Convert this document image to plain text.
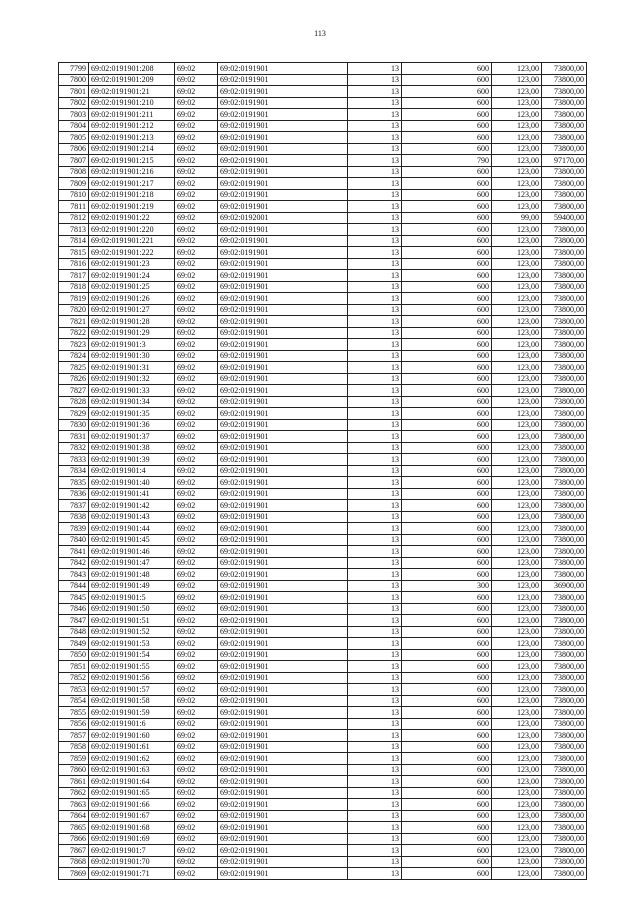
113
7799	69:02:0191901:208	69:02	69:02:0191901	13	600	123,00	73800,00
7800	69:02:0191901:209	69:02	69:02:0191901	13	600	123,00	73800,00
7801	69:02:0191901:21	69:02	69:02:0191901	13	600	123,00	73800,00
7802	69:02:0191901:210	69:02	69:02:0191901	13	600	123,00	73800,00
7803	69:02:0191901:211	69:02	69:02:0191901	13	600	123,00	73800,00
7804	69:02:0191901:212	69:02	69:02:0191901	13	600	123,00	73800,00
7805	69:02:0191901:213	69:02	69:02:0191901	13	600	123,00	73800,00
7806	69:02:0191901:214	69:02	69:02:0191901	13	600	123,00	73800,00
7807	69:02:0191901:215	69:02	69:02:0191901	13	790	123,00	97170,00
7808	69:02:0191901:216	69:02	69:02:0191901	13	600	123,00	73800,00
7809	69:02:0191901:217	69:02	69:02:0191901	13	600	123,00	73800,00
7810	69:02:0191901:218	69:02	69:02:0191901	13	600	123,00	73800,00
7811	69:02:0191901:219	69:02	69:02:0191901	13	600	123,00	73800,00
7812	69:02:0191901:22	69:02	69:02:0192001	13	600	99,00	59400,00
7813	69:02:0191901:220	69:02	69:02:0191901	13	600	123,00	73800,00
7814	69:02:0191901:221	69:02	69:02:0191901	13	600	123,00	73800,00
7815	69:02:0191901:222	69:02	69:02:0191901	13	600	123,00	73800,00
7816	69:02:0191901:23	69:02	69:02:0191901	13	600	123,00	73800,00
7817	69:02:0191901:24	69:02	69:02:0191901	13	600	123,00	73800,00
7818	69:02:0191901:25	69:02	69:02:0191901	13	600	123,00	73800,00
7819	69:02:0191901:26	69:02	69:02:0191901	13	600	123,00	73800,00
7820	69:02:0191901:27	69:02	69:02:0191901	13	600	123,00	73800,00
7821	69:02:0191901:28	69:02	69:02:0191901	13	600	123,00	73800,00
7822	69:02:0191901:29	69:02	69:02:0191901	13	600	123,00	73800,00
7823	69:02:0191901:3	69:02	69:02:0191901	13	600	123,00	73800,00
7824	69:02:0191901:30	69:02	69:02:0191901	13	600	123,00	73800,00
7825	69:02:0191901:31	69:02	69:02:0191901	13	600	123,00	73800,00
7826	69:02:0191901:32	69:02	69:02:0191901	13	600	123,00	73800,00
7827	69:02:0191901:33	69:02	69:02:0191901	13	600	123,00	73800,00
7828	69:02:0191901:34	69:02	69:02:0191901	13	600	123,00	73800,00
7829	69:02:0191901:35	69:02	69:02:0191901	13	600	123,00	73800,00
7830	69:02:0191901:36	69:02	69:02:0191901	13	600	123,00	73800,00
7831	69:02:0191901:37	69:02	69:02:0191901	13	600	123,00	73800,00
7832	69:02:0191901:38	69:02	69:02:0191901	13	600	123,00	73800,00
7833	69:02:0191901:39	69:02	69:02:0191901	13	600	123,00	73800,00
7834	69:02:0191901:4	69:02	69:02:0191901	13	600	123,00	73800,00
7835	69:02:0191901:40	69:02	69:02:0191901	13	600	123,00	73800,00
7836	69:02:0191901:41	69:02	69:02:0191901	13	600	123,00	73800,00
7837	69:02:0191901:42	69:02	69:02:0191901	13	600	123,00	73800,00
7838	69:02:0191901:43	69:02	69:02:0191901	13	600	123,00	73800,00
7839	69:02:0191901:44	69:02	69:02:0191901	13	600	123,00	73800,00
7840	69:02:0191901:45	69:02	69:02:0191901	13	600	123,00	73800,00
7841	69:02:0191901:46	69:02	69:02:0191901	13	600	123,00	73800,00
7842	69:02:0191901:47	69:02	69:02:0191901	13	600	123,00	73800,00
7843	69:02:0191901:48	69:02	69:02:0191901	13	600	123,00	73800,00
7844	69:02:0191901:49	69:02	69:02:0191901	13	300	123,00	36900,00
7845	69:02:0191901:5	69:02	69:02:0191901	13	600	123,00	73800,00
7846	69:02:0191901:50	69:02	69:02:0191901	13	600	123,00	73800,00
7847	69:02:0191901:51	69:02	69:02:0191901	13	600	123,00	73800,00
7848	69:02:0191901:52	69:02	69:02:0191901	13	600	123,00	73800,00
7849	69:02:0191901:53	69:02	69:02:0191901	13	600	123,00	73800,00
7850	69:02:0191901:54	69:02	69:02:0191901	13	600	123,00	73800,00
7851	69:02:0191901:55	69:02	69:02:0191901	13	600	123,00	73800,00
7852	69:02:0191901:56	69:02	69:02:0191901	13	600	123,00	73800,00
7853	69:02:0191901:57	69:02	69:02:0191901	13	600	123,00	73800,00
7854	69:02:0191901:58	69:02	69:02:0191901	13	600	123,00	73800,00
7855	69:02:0191901:59	69:02	69:02:0191901	13	600	123,00	73800,00
7856	69:02:0191901:6	69:02	69:02:0191901	13	600	123,00	73800,00
7857	69:02:0191901:60	69:02	69:02:0191901	13	600	123,00	73800,00
7858	69:02:0191901:61	69:02	69:02:0191901	13	600	123,00	73800,00
7859	69:02:0191901:62	69:02	69:02:0191901	13	600	123,00	73800,00
7860	69:02:0191901:63	69:02	69:02:0191901	13	600	123,00	73800,00
7861	69:02:0191901:64	69:02	69:02:0191901	13	600	123,00	73800,00
7862	69:02:0191901:65	69:02	69:02:0191901	13	600	123,00	73800,00
7863	69:02:0191901:66	69:02	69:02:0191901	13	600	123,00	73800,00
7864	69:02:0191901:67	69:02	69:02:0191901	13	600	123,00	73800,00
7865	69:02:0191901:68	69:02	69:02:0191901	13	600	123,00	73800,00
7866	69:02:0191901:69	69:02	69:02:0191901	13	600	123,00	73800,00
7867	69:02:0191901:7	69:02	69:02:0191901	13	600	123,00	73800,00
7868	69:02:0191901:70	69:02	69:02:0191901	13	600	123,00	73800,00
7869	69:02:0191901:71	69:02	69:02:0191901	13	600	123,00	73800,00
